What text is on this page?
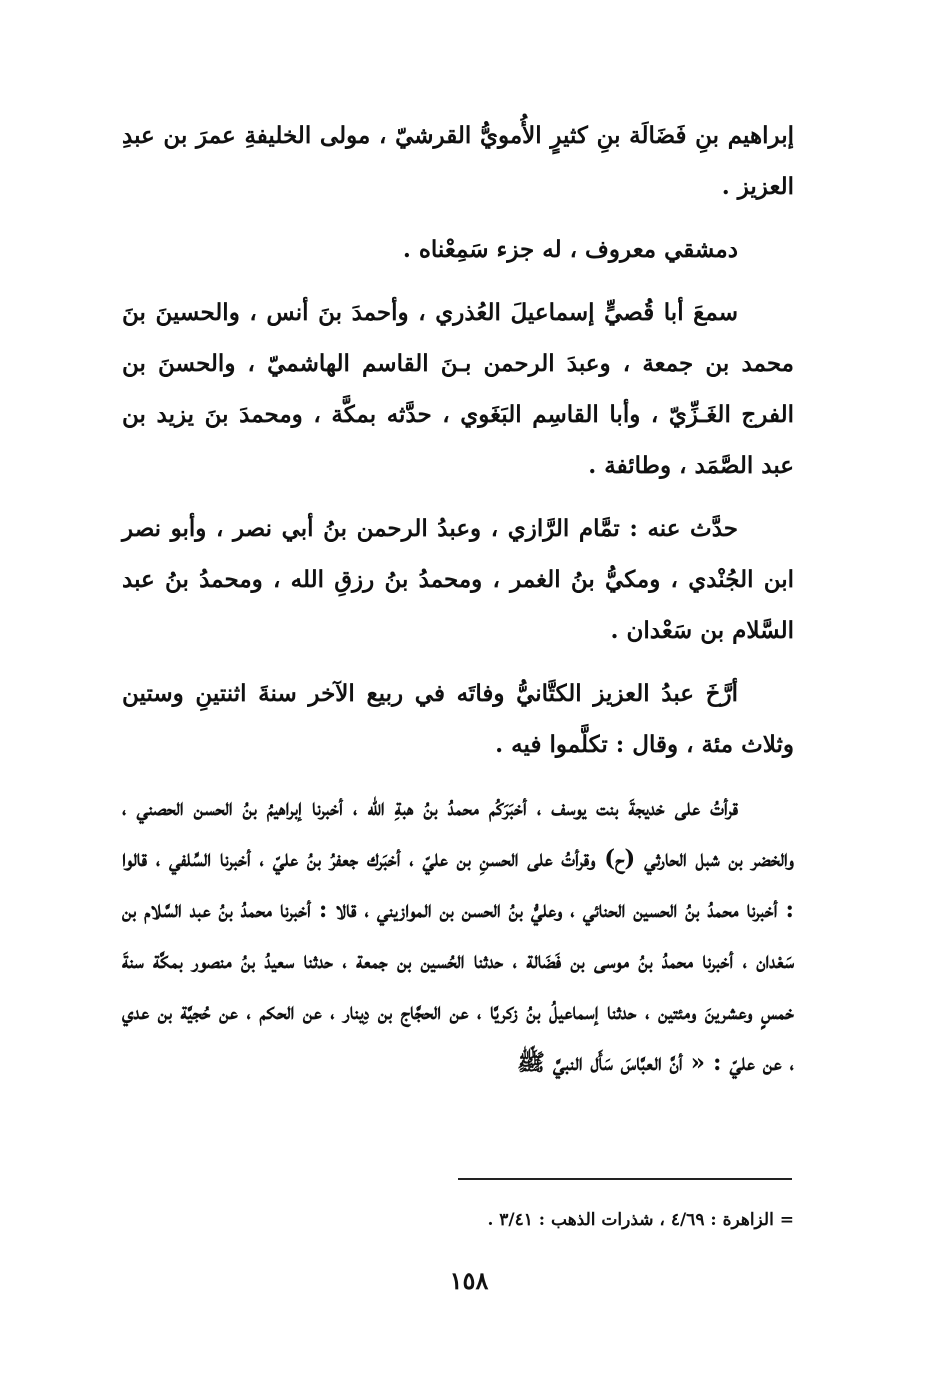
إبراهيم بنِ فَضَالَة بنِ كثيرٍ الأُمويُّ القرشيّ ، مولى الخليفةِ عمرَ بن عبدِ العزيز .

دمشقي معروف ، له جزء سَمِعْناه .

سمعَ أبا قُصيٍّ إسماعيلَ العُذري ، وأحمدَ بنَ أنس ، والحسينَ بنَ محمد بن جمعة ، وعبدَ الرحمن بـنَ القاسم الهاشميّ ، والحسنَ بن الفرج الغَـزِّيّ ، وأبا القاسِم البَغَوي ، حدَّثه بمكَّة ، ومحمدَ بنَ يزيد بن عبد الصَّمَد ، وطائفة .

حدَّث عنه : تمَّام الرَّازي ، وعبدُ الرحمن بنُ أبي نصر ، وأبو نصر ابن الجُنْدي ، ومكيُّ بنُ الغمر ، ومحمدُ بنُ رزقِ الله ، ومحمدُ بنُ عبد السَّلام بن سَعْدان .

أرَّخَ عبدُ العزيز الكتَّانيُّ وفاتَه في ربيع الآخر سنةَ اثنتينِ وستين وثلاث مئة ، وقال : تكلَّموا فيه .

قرأتُ على خديجةَ بنت يوسف ، أخبَرَكُم محمدُ بنُ هبةِ الله ، أخبرنا إبراهيمُ بنُ الحسن الحصني ، والخضر بن شبل الحارثي (ح) وقرأتُ على الحسنِ بن عليّ ، أخبَرك جعفرُ بنُ عليّ ، أخبرنا السِّلفي ، قالوا : أخبرنا محمدُ بنُ الحسين الحنائي ، وعليُّ بنُ الحسن بن الموازيني ، قالا : أخبرنا محمدُ بنُ عبد السَّلام بن سَعْدان ، أخبرنا محمدُ بنُ موسى بن فَضَالة ، حدثنا الحُسين بن جمعة ، حدثنا سعيدُ بنُ منصور بمكَّة سنةَ خمسٍ وعشرينَ ومئتين ، حدثنا إسماعيلُ بنُ زكريَّا ، عن الحجَّاج بن دِينار ، عن الحكم ، عن حُجيَّة بن عدي ، عن عليّ : « أنَّ العبَّاسَ سَأَل النبيَّ ﷺ

= الزاهرة : ٤/٦٩ ، شذرات الذهب : ٣/٤١ .
١٥٨
